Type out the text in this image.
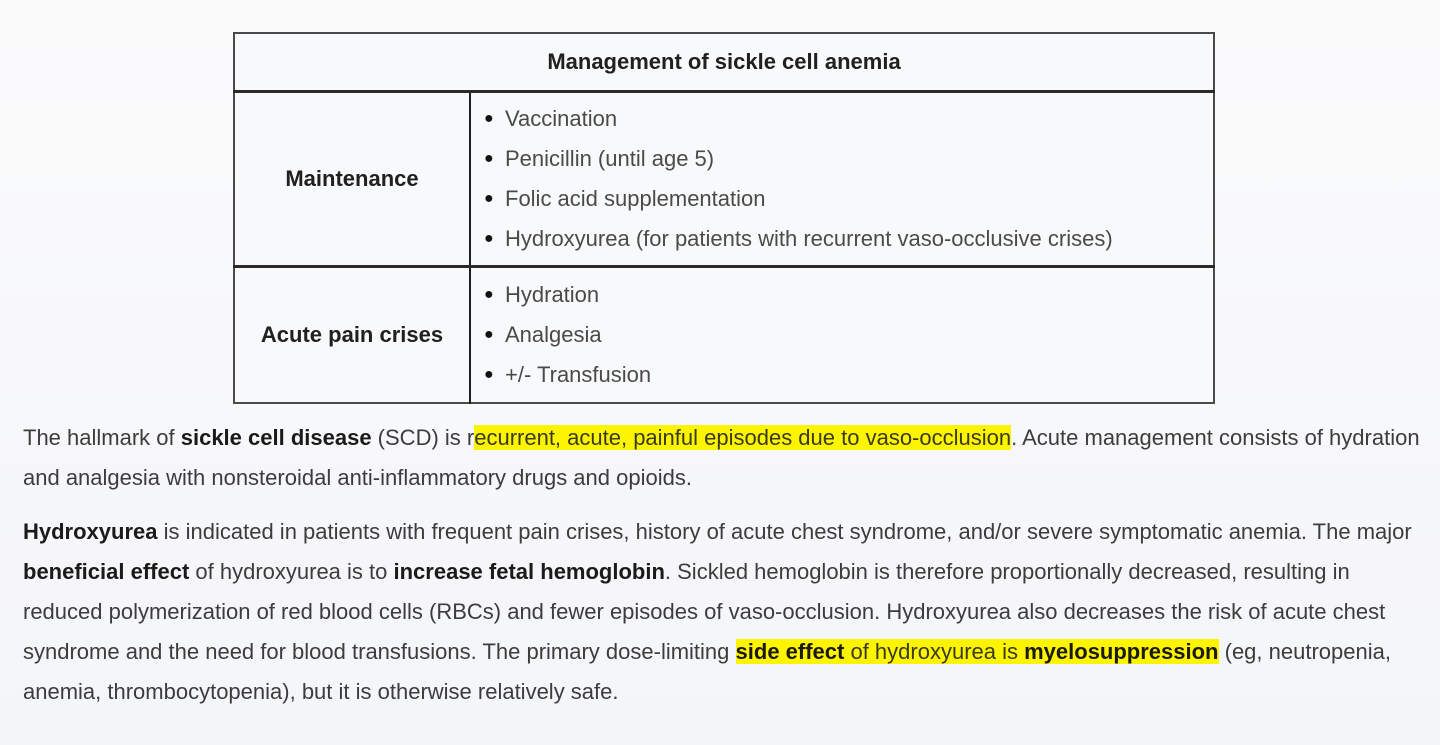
Management of sickle cell anemia	
Maintenance	
● Vaccination
● Penicillin (until age 5)
● Folic acid supplementation
● Hydroxyurea (for patients with recurrent vaso-occlusive crises)

Acute pain crises	
● Hydration
● Analgesia
● +/- Transfusion

The hallmark of sickle cell disease (SCD) is recurrent, acute, painful episodes due to vaso-occlusion. Acute management consists of hydration and analgesia with nonsteroidal anti-inflammatory drugs and opioids.

Hydroxyurea is indicated in patients with frequent pain crises, history of acute chest syndrome, and/or severe symptomatic anemia. The major beneficial effect of hydroxyurea is to increase fetal hemoglobin. Sickled hemoglobin is therefore proportionally decreased, resulting in reduced polymerization of red blood cells (RBCs) and fewer episodes of vaso-occlusion. Hydroxyurea also decreases the risk of acute chest syndrome and the need for blood transfusions. The primary dose-limiting side effect of hydroxyurea is myelosuppression (eg, neutropenia, anemia, thrombocytopenia), but it is otherwise relatively safe.
